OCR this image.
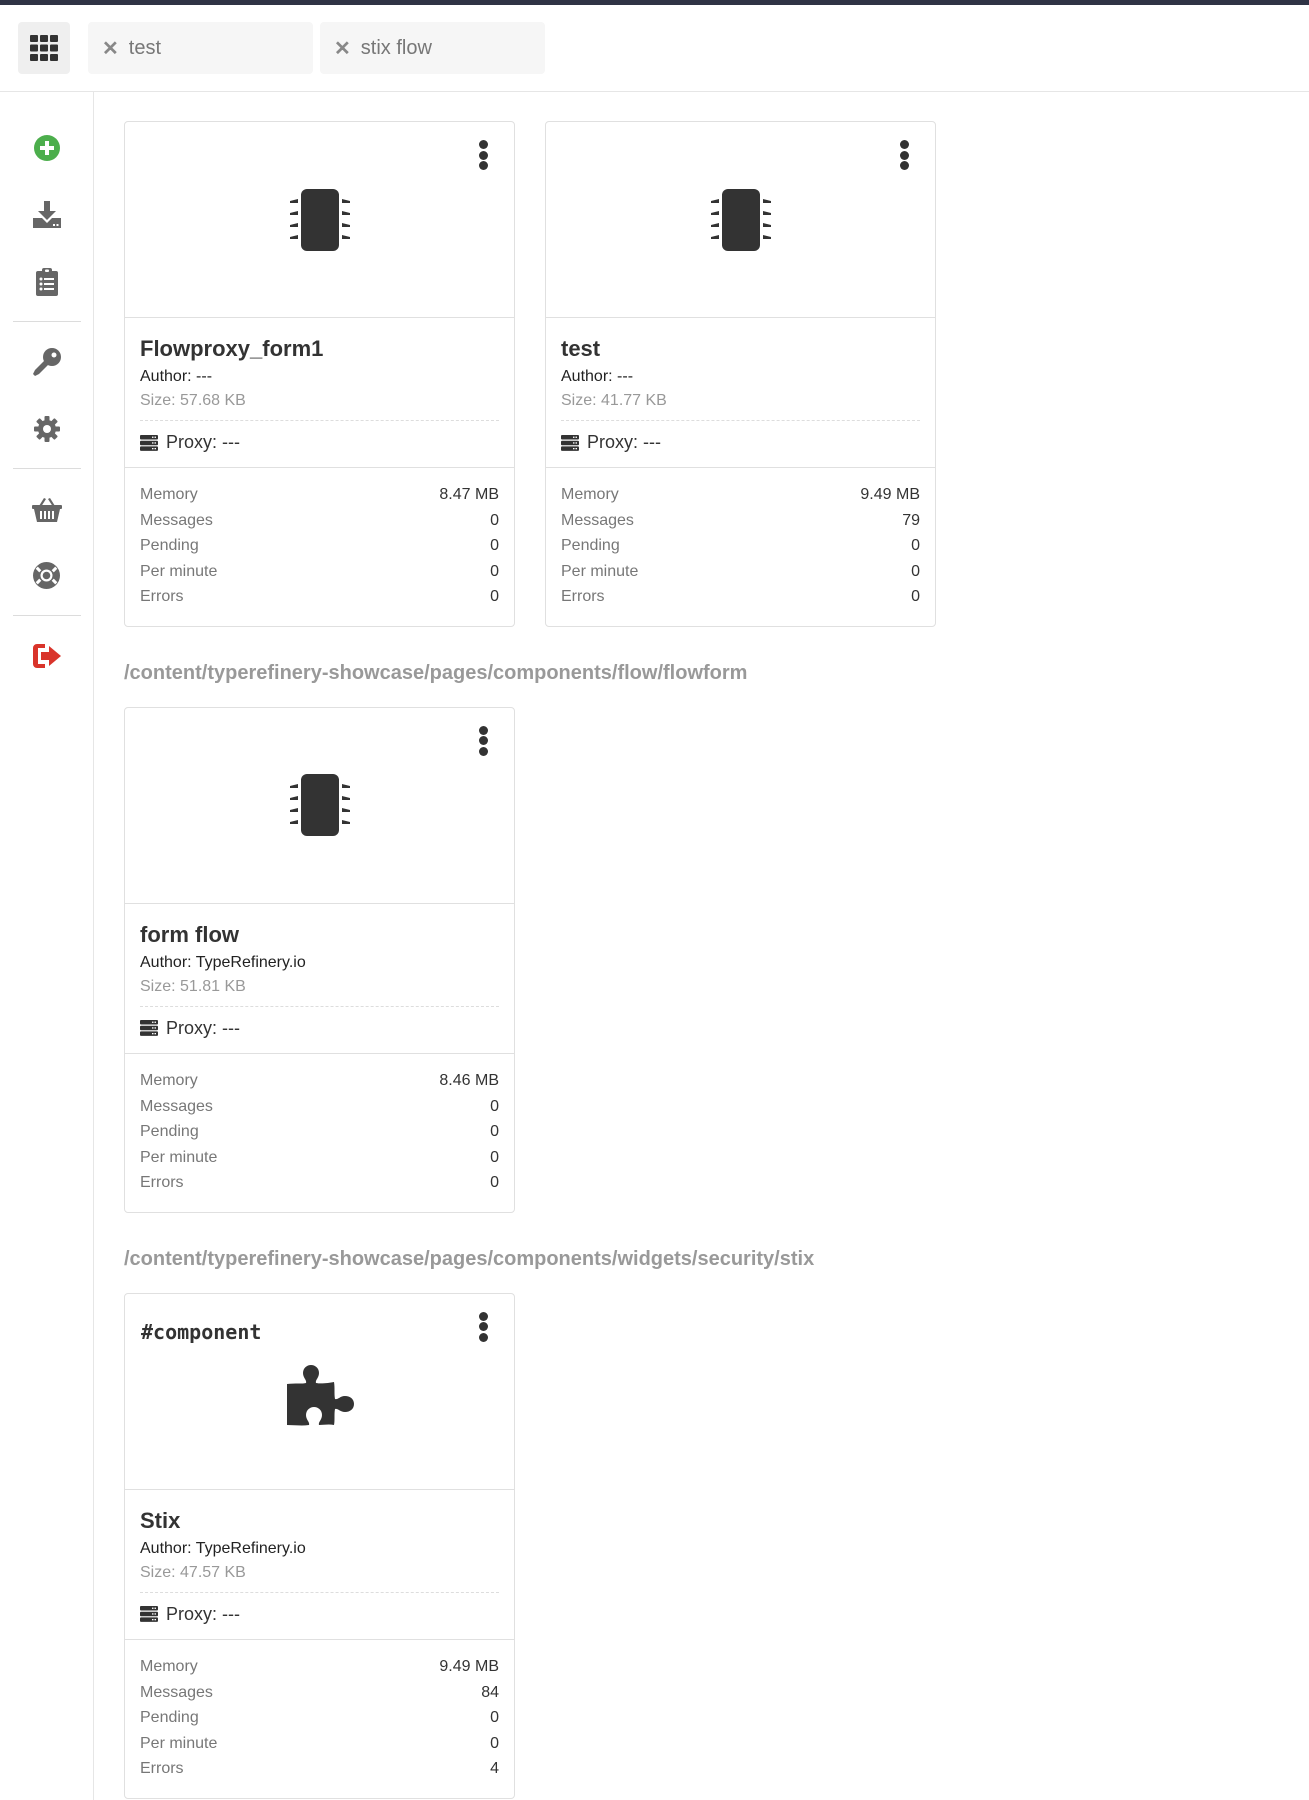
✕ test	✕ stix flow
Flowproxy_form1
Author: ---
Size: 57.68 KB
Proxy: ---
Memory	8.47 MB
Messages	0
Pending	0
Per minute	0
Errors	0
test
Author: ---
Size: 41.77 KB
Proxy: ---
Memory	9.49 MB
Messages	79
Pending	0
Per minute	0
Errors	0
/content/typerefinery-showcase/pages/components/flow/flowform
form flow
Author: TypeRefinery.io
Size: 51.81 KB
Proxy: ---
Memory	8.46 MB
Messages	0
Pending	0
Per minute	0
Errors	0
/content/typerefinery-showcase/pages/components/widgets/security/stix
#component
Stix
Author: TypeRefinery.io
Size: 47.57 KB
Proxy: ---
Memory	9.49 MB
Messages	84
Pending	0
Per minute	0
Errors	4
